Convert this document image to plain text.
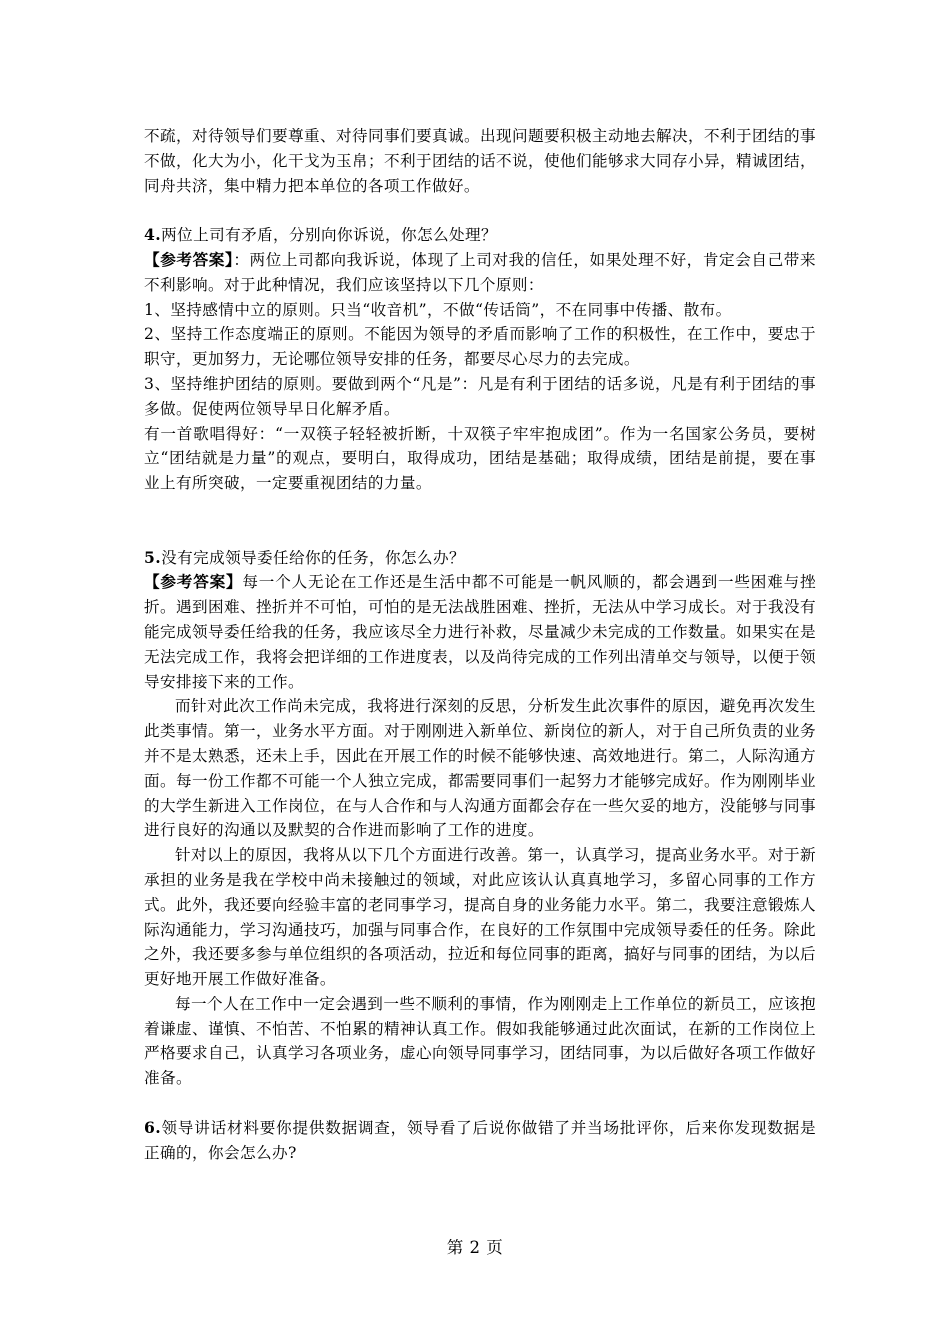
不疏，对待领导们要尊重、对待同事们要真诚。出现问题要积极主动地去解决，不利于团结的事不做，化大为小，化干戈为玉帛；不利于团结的话不说，使他们能够求大同存小异，精诚团结，同舟共济，集中精力把本单位的各项工作做好。

4.两位上司有矛盾，分别向你诉说，你怎么处理？

【参考答案】：两位上司都向我诉说，体现了上司对我的信任，如果处理不好，肯定会自己带来不利影响。对于此种情况，我们应该坚持以下几个原则：

1、坚持感情中立的原则。只当“收音机”，不做“传话筒”，不在同事中传播、散布。

2、坚持工作态度端正的原则。不能因为领导的矛盾而影响了工作的积极性，在工作中，要忠于职守，更加努力，无论哪位领导安排的任务，都要尽心尽力的去完成。

3、坚持维护团结的原则。要做到两个“凡是”：凡是有利于团结的话多说，凡是有利于团结的事多做。促使两位领导早日化解矛盾。

有一首歌唱得好：“一双筷子轻轻被折断，十双筷子牢牢抱成团”。作为一名国家公务员，要树立“团结就是力量”的观点，要明白，取得成功，团结是基础；取得成绩，团结是前提，要在事业上有所突破，一定要重视团结的力量。

5.没有完成领导委任给你的任务，你怎么办？

【参考答案】每一个人无论在工作还是生活中都不可能是一帆风顺的，都会遇到一些困难与挫折。遇到困难、挫折并不可怕，可怕的是无法战胜困难、挫折，无法从中学习成长。对于我没有能完成领导委任给我的任务，我应该尽全力进行补救，尽量减少未完成的工作数量。如果实在是无法完成工作，我将会把详细的工作进度表，以及尚待完成的工作列出清单交与领导，以便于领导安排接下来的工作。

而针对此次工作尚未完成，我将进行深刻的反思，分析发生此次事件的原因，避免再次发生此类事情。第一，业务水平方面。对于刚刚进入新单位、新岗位的新人，对于自己所负责的业务并不是太熟悉，还未上手，因此在开展工作的时候不能够快速、高效地进行。第二，人际沟通方面。每一份工作都不可能一个人独立完成，都需要同事们一起努力才能够完成好。作为刚刚毕业的大学生新进入工作岗位，在与人合作和与人沟通方面都会存在一些欠妥的地方，没能够与同事进行良好的沟通以及默契的合作进而影响了工作的进度。

针对以上的原因，我将从以下几个方面进行改善。第一，认真学习，提高业务水平。对于新承担的业务是我在学校中尚未接触过的领域，对此应该认认真真地学习，多留心同事的工作方式。此外，我还要向经验丰富的老同事学习，提高自身的业务能力水平。第二，我要注意锻炼人际沟通能力，学习沟通技巧，加强与同事合作，在良好的工作氛围中完成领导委任的任务。除此之外，我还要多参与单位组织的各项活动，拉近和每位同事的距离，搞好与同事的团结，为以后更好地开展工作做好准备。

每一个人在工作中一定会遇到一些不顺利的事情，作为刚刚走上工作单位的新员工，应该抱着谦虚、谨慎、不怕苦、不怕累的精神认真工作。假如我能够通过此次面试，在新的工作岗位上严格要求自己，认真学习各项业务，虚心向领导同事学习，团结同事，为以后做好各项工作做好准备。

6.领导讲话材料要你提供数据调查，领导看了后说你做错了并当场批评你，后来你发现数据是正确的，你会怎么办?

第 2 页
